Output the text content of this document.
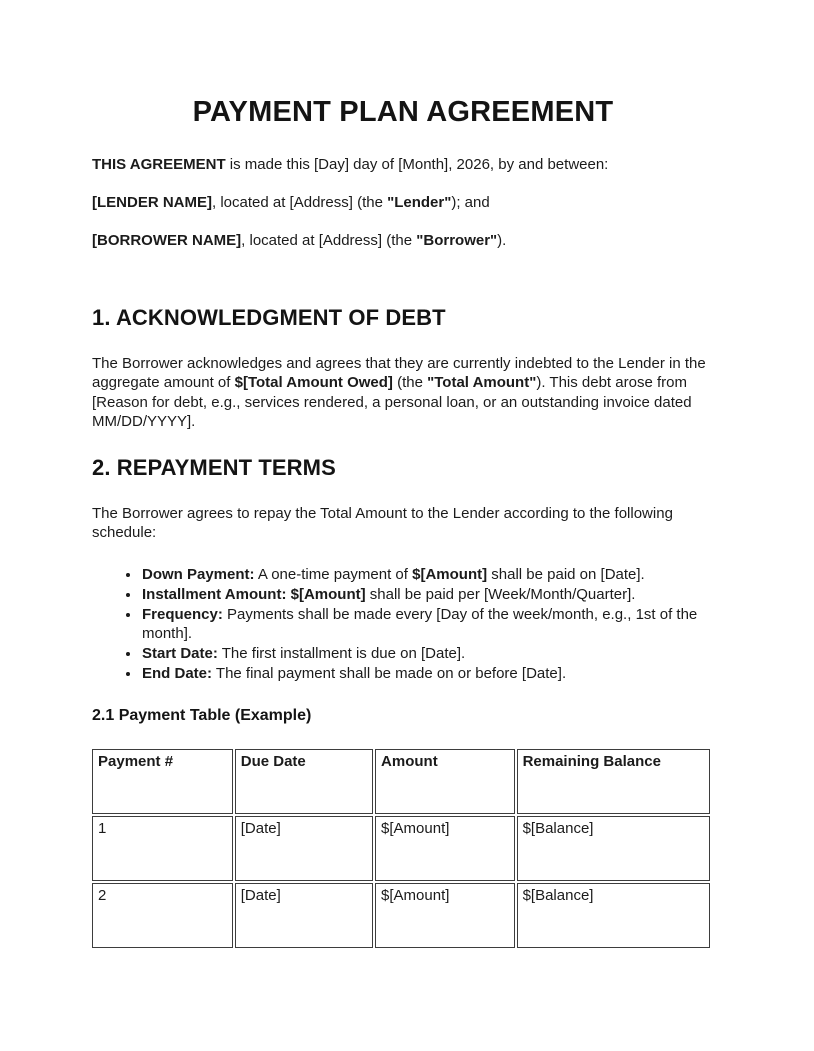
PAYMENT PLAN AGREEMENT

THIS AGREEMENT is made this [Day] day of [Month], 2026, by and between:

[LENDER NAME], located at [Address] (the "Lender"); and

[BORROWER NAME], located at [Address] (the "Borrower").

1. ACKNOWLEDGMENT OF DEBT

The Borrower acknowledges and agrees that they are currently indebted to the Lender in the aggregate amount of $[Total Amount Owed] (the "Total Amount"). This debt arose from [Reason for debt, e.g., services rendered, a personal loan, or an outstanding invoice dated MM/DD/YYYY].

2. REPAYMENT TERMS

The Borrower agrees to repay the Total Amount to the Lender according to the following schedule:

• Down Payment: A one-time payment of $[Amount] shall be paid on [Date].
• Installment Amount: $[Amount] shall be paid per [Week/Month/Quarter].
• Frequency: Payments shall be made every [Day of the week/month, e.g., 1st of the month].
• Start Date: The first installment is due on [Date].
• End Date: The final payment shall be made on or before [Date].
2.1 Payment Table (Example)
Payment #	Due Date	Amount	Remaining Balance
1	[Date]	$[Amount]	$[Balance]
2	[Date]	$[Amount]	$[Balance]
